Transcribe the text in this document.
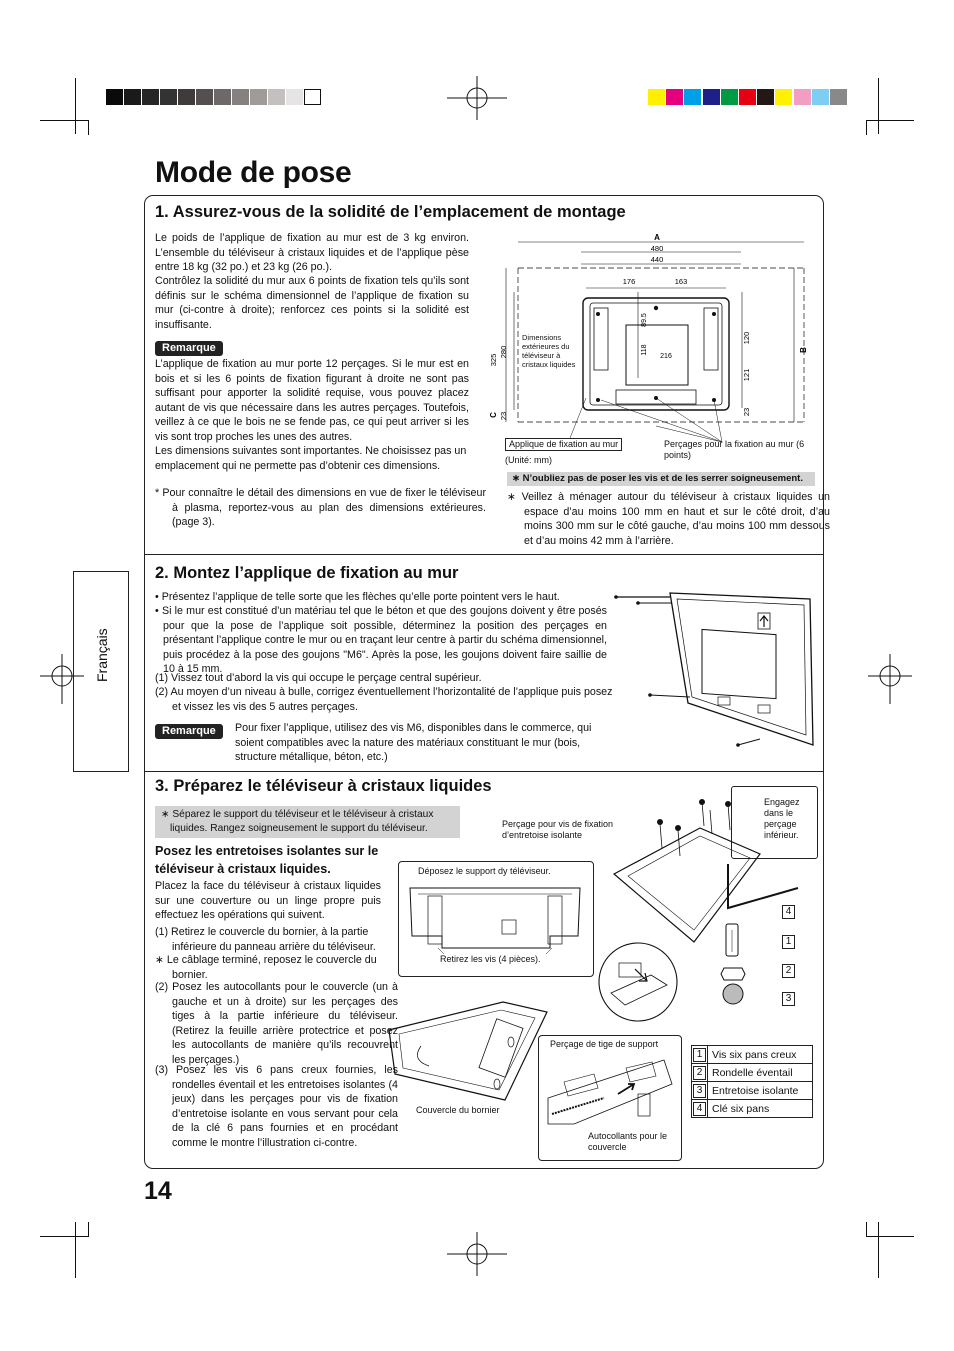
Mode de pose
Français
1. Assurez-vous de la solidité de l’emplacement de montage

Le poids de l’applique de fixation au mur est de 3 kg environ. L’ensemble du téléviseur à cristaux liquides et de l’applique pèse entre 18 kg (32 po.) et 23 kg (26 po.).

Contrôlez la solidité du mur aux 6 points de fixation tels qu’ils sont définis sur le schéma dimensionnel de l’applique de fixation su mur (ci-contre à droite); renforcez ces points si la solidité est insuffisante.

Remarque

L’applique de fixation au mur porte 12 perçages. Si le mur est en bois et si les 6 points de fixation figurant à droite ne sont pas suffisant pour apporter la solidité requise, vous pouvez placez autant de vis que nécessaire dans les autres perçages. Toutefois, veillez à ce que le bois ne se fende pas, ce qui peut arriver si les vis sont trop proches les unes des autres.

Les dimensions suivantes sont importantes. Ne choisissez pas un emplacement qui ne permette pas d’obtenir ces dimensions.

* Pour connaître le détail des dimensions en vue de fixer le téléviseur à plasma, reportez-vous au plan des dimensions extérieures. (page 3).

A
480
440
176	163
325
280
C 23
118
89.5
216
120
121
23
B
Dimensions extérieures du téléviseur à cristaux liquides
Applique de fixation au mur	Perçages pour la fixation au mur (6 points)
(Unité: mm)
∗ N’oubliez pas de poser les vis et de les serrer soigneusement.

∗ Veillez à ménager autour du téléviseur à cristaux liquides un espace d’au moins 100 mm en haut et sur le côté droit, d’au moins 300 mm sur le côté gauche, d’au moins 100 mm dessous et d’au moins 42 mm à l’arrière.

2. Montez l’applique de fixation au mur

• Présentez l’applique de telle sorte que les flèches qu’elle porte pointent vers le haut.

• Si le mur est constitué d’un matériau tel que le béton et que des goujons doivent y être posés pour que la pose de l’applique soit possible, déterminez la position des perçages en présentant l’applique contre le mur ou en traçant leur centre à partir du schéma dimensionnel, puis procédez à la pose des goujons "M6". Après la pose, les goujons doivent faire saillie de 10 à 15 mm.

(1) Vissez tout d’abord la vis qui occupe le perçage central supérieur.

(2) Au moyen d’un niveau à bulle, corrigez éventuellement l’horizontalité de l’applique puis posez et vissez les vis des 5 autres perçages.

Remarque	Pour fixer l’applique, utilisez des vis M6, disponibles dans le commerce, qui soient compatibles avec la nature des matériaux constituant le mur (bois, structure métallique, béton, etc.)

3. Préparez le téléviseur à cristaux liquides
∗ Séparez le support du téléviseur et le téléviseur à cristaux liquides. Rangez soigneusement le support du téléviseur.

Posez les entretoises isolantes sur le téléviseur à cristaux liquides.

Placez la face du téléviseur à cristaux liquides sur une couverture ou un linge propre puis effectuez les opérations qui suivent.

(1) Retirez le couvercle du bornier, à la partie inférieure du panneau arrière du téléviseur.

∗ Le câblage terminé, reposez le couvercle du bornier.

(2) Posez les autocollants pour le couvercle (un à gauche et un à droite) sur les perçages des tiges à la partie inférieure du téléviseur. (Retirez la feuille arrière protectrice et posez les autocollants de manière qu’ils recouvrent les perçages.)

(3) Posez les vis 6 pans creux fournies, les rondelles éventail et les entretoises isolantes (4 jeux) dans les perçages pour vis de fixation d’entretoise isolante en vous servant pour cela de la clé 6 pans fournies et en procédant comme le montre l’illustration ci-contre.

Déposez le support dy téléviseur.
Retirez les vis (4 pièces).
Couvercle du bornier
Perçage de tige de support
Autocollants pour le couvercle
Perçage pour vis de fixation d’entretoise isolante
Engagez dans le perçage inférieur.
4
1
2
3
1	Vis six pans creux
2	Rondelle éventail
3	Entretoise isolante
4	Clé six pans
14
